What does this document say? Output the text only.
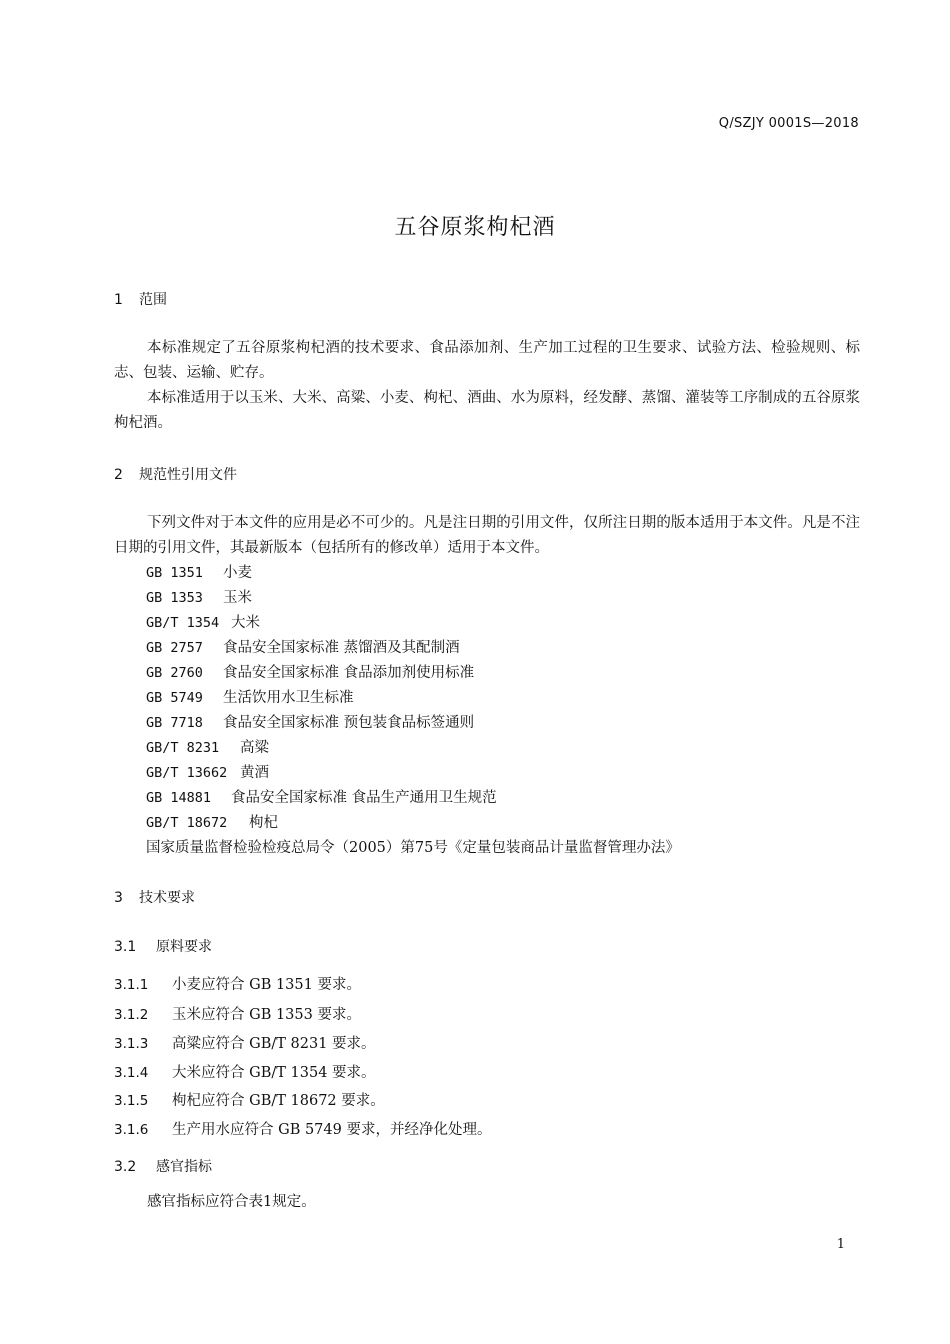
Q/SZJY 0001S—2018
五谷原浆枸杞酒
1 范围
本标准规定了五谷原浆枸杞酒的技术要求、食品添加剂、生产加工过程的卫生要求、试验方法、检验规则、标志、包装、运输、贮存。
本标准适用于以玉米、大米、高粱、小麦、枸杞、酒曲、水为原料，经发酵、蒸馏、灌装等工序制成的五谷原浆枸杞酒。
2 规范性引用文件
下列文件对于本文件的应用是必不可少的。凡是注日期的引用文件，仅所注日期的版本适用于本文件。凡是不注日期的引用文件，其最新版本（包括所有的修改单）适用于本文件。
GB 1351 小麦
GB 1353 玉米
GB/T 1354 大米
GB 2757 食品安全国家标准 蒸馏酒及其配制酒
GB 2760 食品安全国家标准 食品添加剂使用标准
GB 5749 生活饮用水卫生标准
GB 7718 食品安全国家标准 预包装食品标签通则
GB/T 8231 高粱
GB/T 13662 黄酒
GB 14881 食品安全国家标准 食品生产通用卫生规范
GB/T 18672 枸杞
国家质量监督检验检疫总局令（2005）第75号《定量包装商品计量监督管理办法》
3 技术要求
3.1 原料要求
3.1.1 小麦应符合 GB 1351 要求。
3.1.2 玉米应符合 GB 1353 要求。
3.1.3 高粱应符合 GB/T 8231 要求。
3.1.4 大米应符合 GB/T 1354 要求。
3.1.5 枸杞应符合 GB/T 18672 要求。
3.1.6 生产用水应符合 GB 5749 要求，并经净化处理。
3.2 感官指标
感官指标应符合表1规定。
1
